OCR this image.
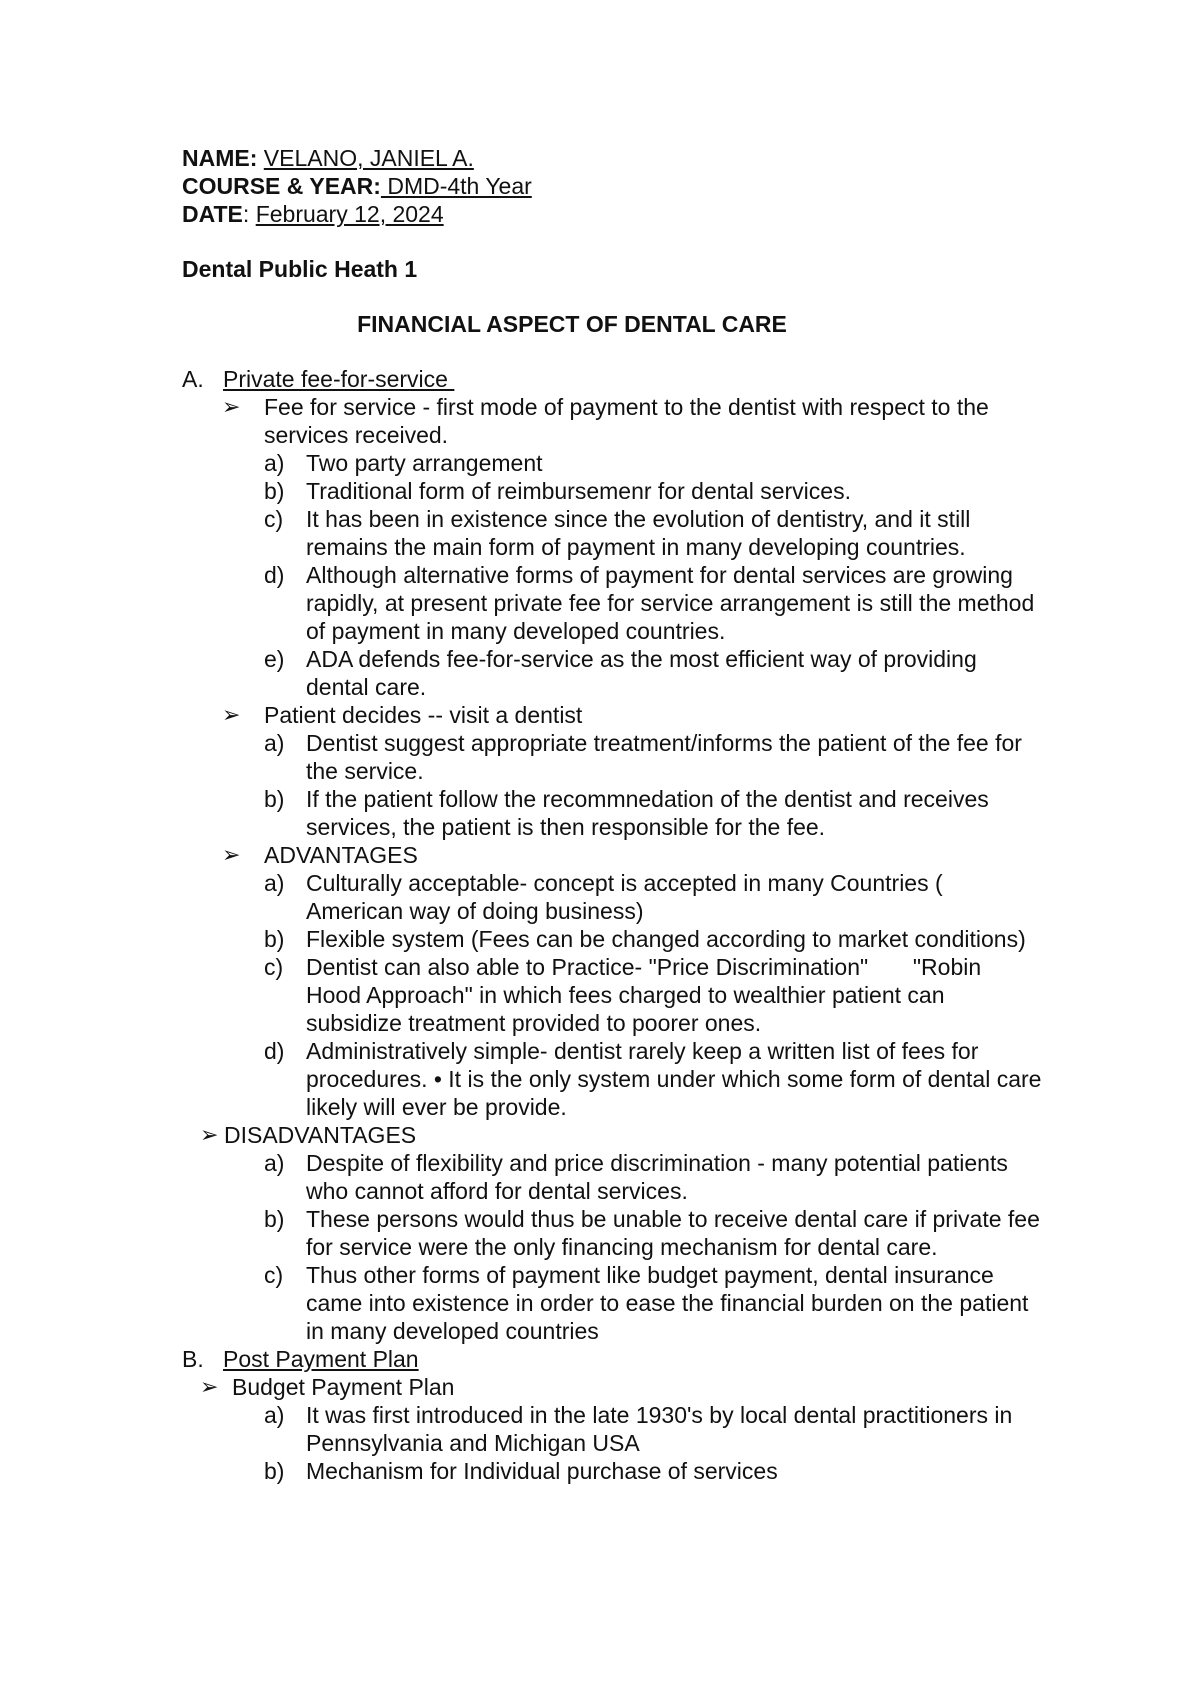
NAME: VELANO, JANIEL A.
COURSE & YEAR: DMD-4th Year
DATE: February 12, 2024
Dental Public Heath 1
FINANCIAL ASPECT OF DENTAL CARE
A. Private fee-for-service
➢	Fee for service - first mode of payment to the dentist with respect to the services received.
a) Two party arrangement
b) Traditional form of reimbursemenr for dental services.
c) It has been in existence since the evolution of dentistry, and it still remains the main form of payment in many developing countries.
d) Although alternative forms of payment for dental services are growing rapidly, at present private fee for service arrangement is still the method of payment in many developed countries.
e) ADA defends fee-for-service as the most efficient way of providing dental care.
➢	Patient decides -- visit a dentist
a) Dentist suggest appropriate treatment/informs the patient of the fee for the service.
b) If the patient follow the recommnedation of the dentist and receives services, the patient is then responsible for the fee.
➢	ADVANTAGES
a) Culturally acceptable- concept is accepted in many Countries ( American way of doing business)
b) Flexible system (Fees can be changed according to market conditions)
c) Dentist can also able to Practice- "Price Discrimination"       "Robin Hood Approach" in which fees charged to wealthier patient can subsidize treatment provided to poorer ones.
d) Administratively simple- dentist rarely keep a written list of fees for procedures. • It is the only system under which some form of dental care likely will ever be provide.
➢ DISADVANTAGES
a) Despite of flexibility and price discrimination - many potential patients who cannot afford for dental services.
b) These persons would thus be unable to receive dental care if private fee for service were the only financing mechanism for dental care.
c) Thus other forms of payment like budget payment, dental insurance came into existence in order to ease the financial burden on the patient in many developed countries
B. Post Payment Plan
➢ Budget Payment Plan
a) It was first introduced in the late 1930's by local dental practitioners in Pennsylvania and Michigan USA
b) Mechanism for Individual purchase of services
